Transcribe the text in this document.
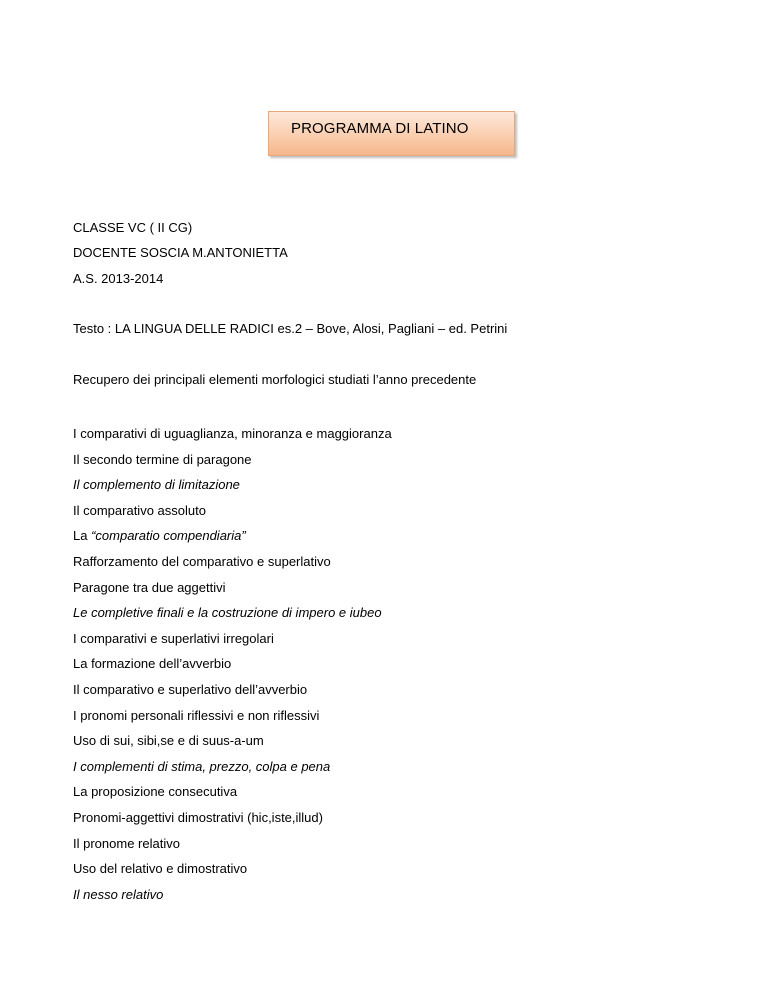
PROGRAMMA DI LATINO
CLASSE VC ( II CG)
DOCENTE SOSCIA M.ANTONIETTA
A.S. 2013-2014
Testo : LA LINGUA DELLE RADICI es.2 – Bove, Alosi, Pagliani – ed. Petrini
Recupero dei principali elementi morfologici studiati l’anno precedente
I comparativi di uguaglianza, minoranza e maggioranza
Il secondo termine di paragone
Il complemento di limitazione
Il comparativo assoluto
La “comparatio compendiaria”
Rafforzamento del comparativo e superlativo
Paragone tra due aggettivi
Le completive finali e la costruzione di impero e iubeo
I comparativi e superlativi irregolari
La formazione dell’avverbio
Il comparativo e superlativo dell’avverbio
I pronomi personali riflessivi e non riflessivi
Uso di sui, sibi,se e di suus-a-um
I complementi di stima, prezzo, colpa e pena
La proposizione consecutiva
Pronomi-aggettivi dimostrativi (hic,iste,illud)
Il pronome relativo
Uso del relativo e dimostrativo
Il nesso relativo
